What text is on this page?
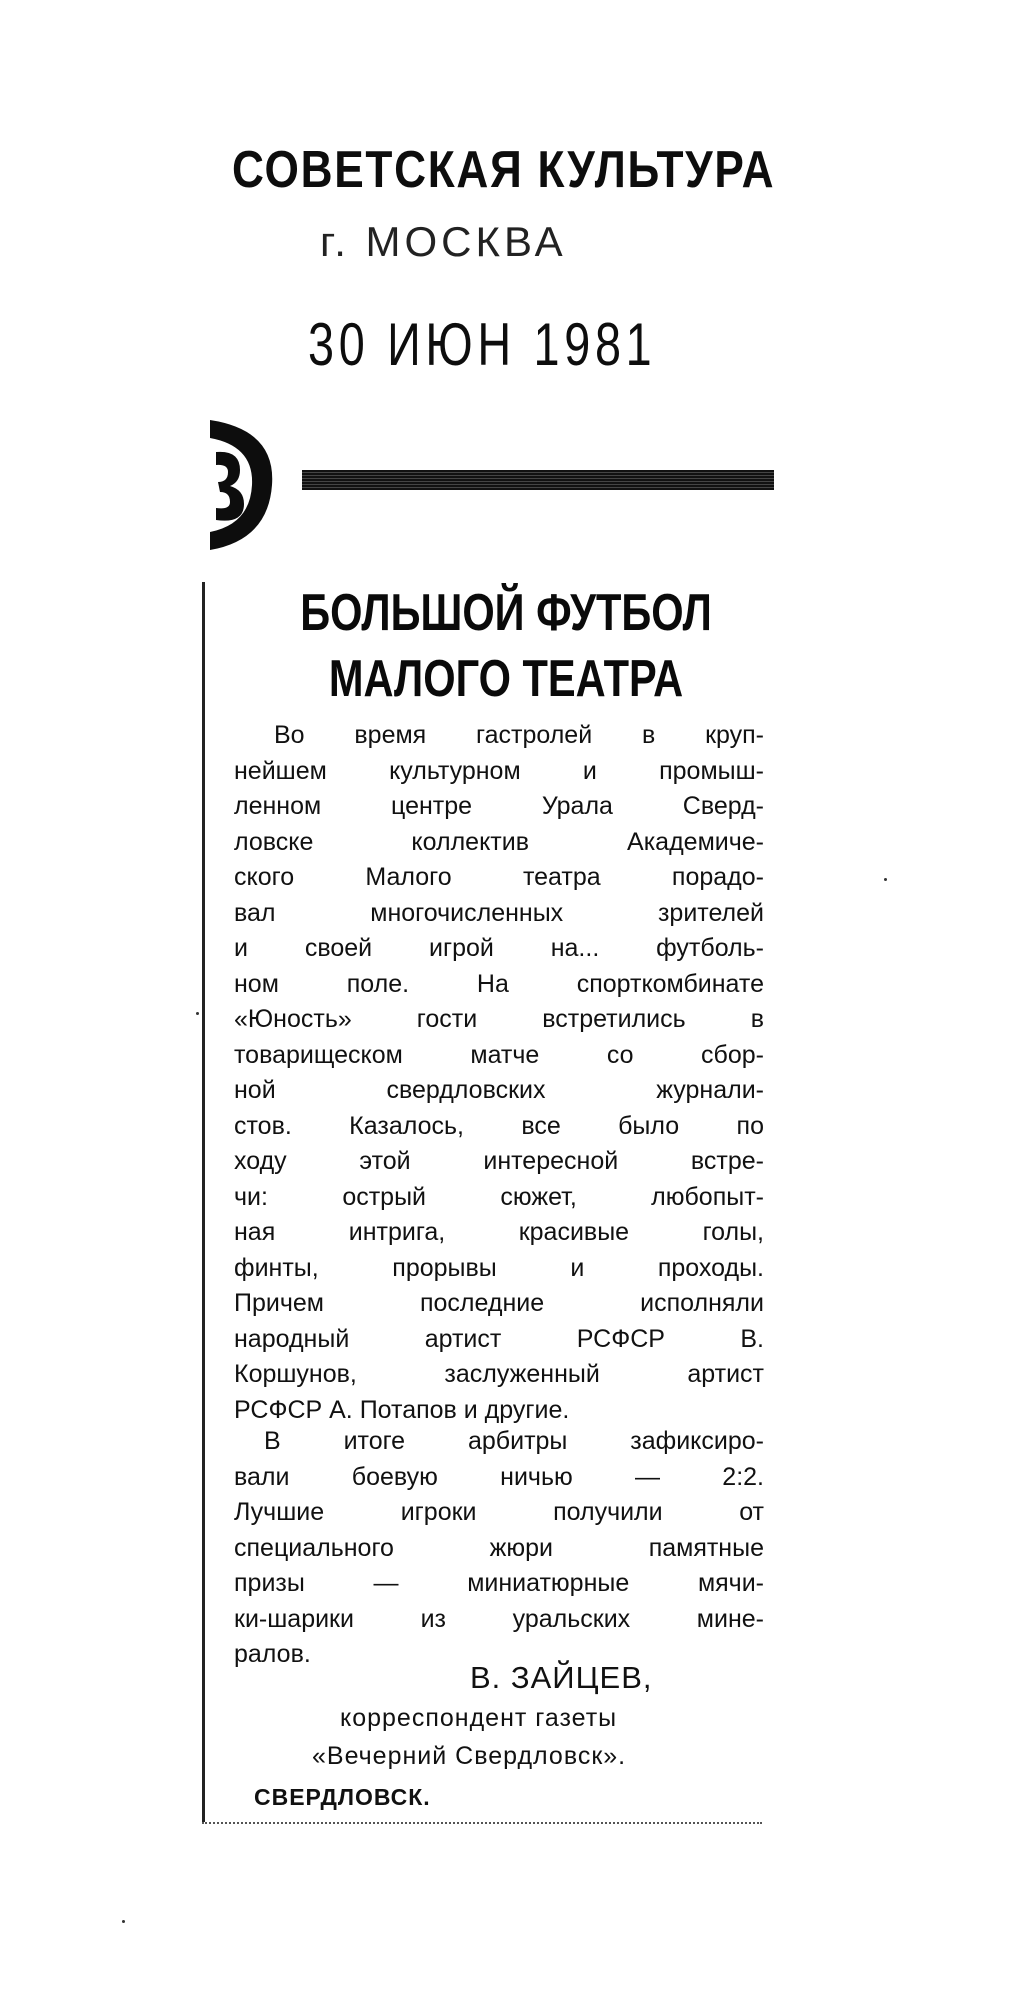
СОВЕТСКАЯ КУЛЬТУРА
г. МОСКВА
30 ИЮН 1981
БОЛЬШОЙ ФУТБОЛ
МАЛОГО ТЕАТРА
Во время гастролей в круп-
нейшем культурном и промыш-
ленном центре Урала Сверд-
ловске коллектив Академиче-
ского Малого театра порадо-
вал многочисленных зрителей
и своей игрой на... футболь-
ном поле. На спорткомбинате
«Юность» гости встретились в
товарищеском матче со сбор-
ной свердловских журнали-
стов. Казалось, все было по
ходу этой интересной встре-
чи: острый сюжет, любопыт-
ная интрига, красивые голы,
финты, прорывы и проходы.
Причем последние исполняли
народный артист РСФСР В.
Коршунов, заслуженный артист
РСФСР А. Потапов и другие.
В итоге арбитры зафиксиро-
вали боевую ничью — 2:2.
Лучшие игроки получили от
специального жюри памятные
призы — миниатюрные мячи-
ки-шарики из уральских мине-
ралов.
В. ЗАЙЦЕВ,
корреспондент газеты
«Вечерний Свердловск».
СВЕРДЛОВСК.
